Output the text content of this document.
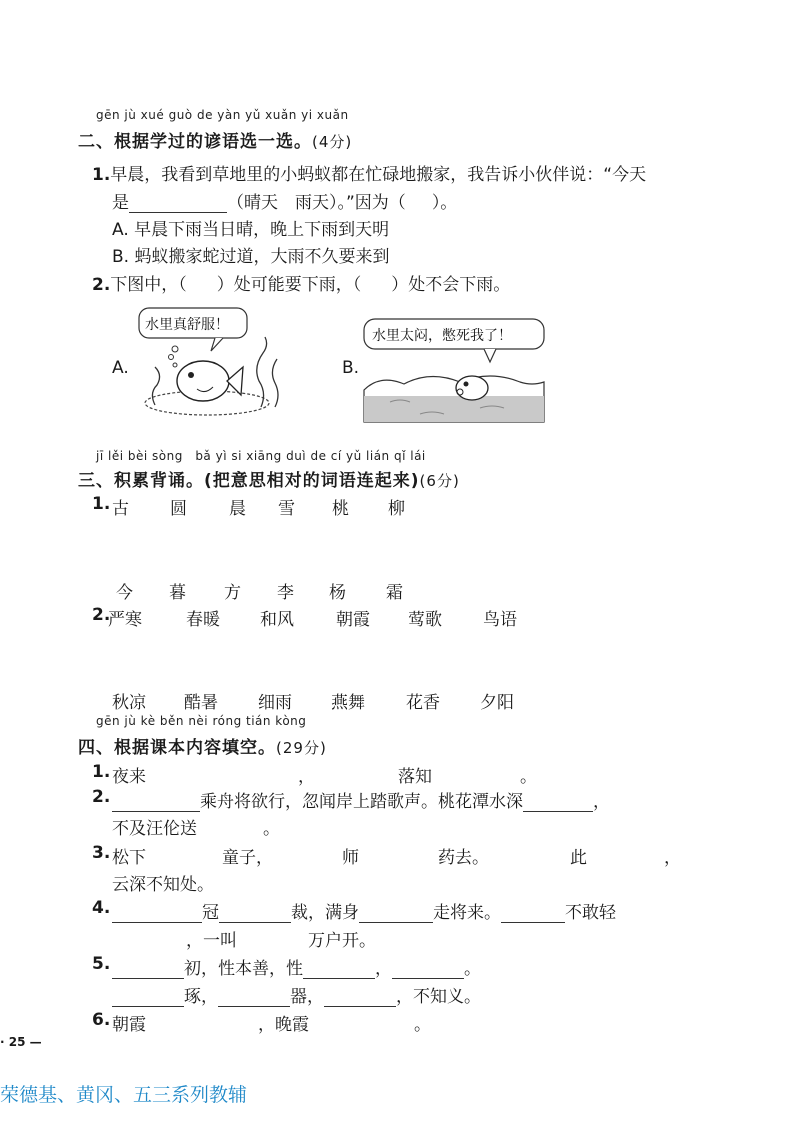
gēn jù xué guò de yàn yǔ xuǎn yi xuǎn
二、根据学过的谚语选一选。(4分)
1.早晨，我看到草地里的小蚂蚁都在忙碌地搬家，我告诉小伙伴说：“今天
是	（晴天　雨天）。”因为（ ）。
A. 早晨下雨当日晴，晚上下雨到天明
B. 蚂蚁搬家蛇过道，大雨不久要来到
2.下图中，（ ）处可能要下雨，（ ）处不会下雨。
A.
水里真舒服！
B.
水里太闷，憋死我了！
jī lěi bèi sòng　bǎ yì si xiāng duì de cí yǔ lián qǐ lái
三、积累背诵。(把意思相对的词语连起来)(6分)
1. 古 圆 晨 雪 桃 柳
今 暮 方 李 杨 霜
2.
严寒	春暖 和风 朝霞 莺歌 鸟语
秋凉 酷暑 细雨 燕舞 花香 夕阳
gēn jù kè běn nèi róng tián kòng
四、根据课本内容填空。(29分)
1. 夜来	，	落知	。
2.	乘舟将欲行，忽闻岸上踏歌声。桃花潭水深	，
不及汪伦送	。
3. 松下	童子，	师	药去。	此	，
云深不知处。
4.	冠	裁，满身	走将来。	不敢轻
，一叫	万户开。
5.	初，性本善，性	，	。
琢，	器，	，不知义。
6. 朝霞	，晚霞	。
· 25 —
荣德基、黄冈、五三系列教辅
